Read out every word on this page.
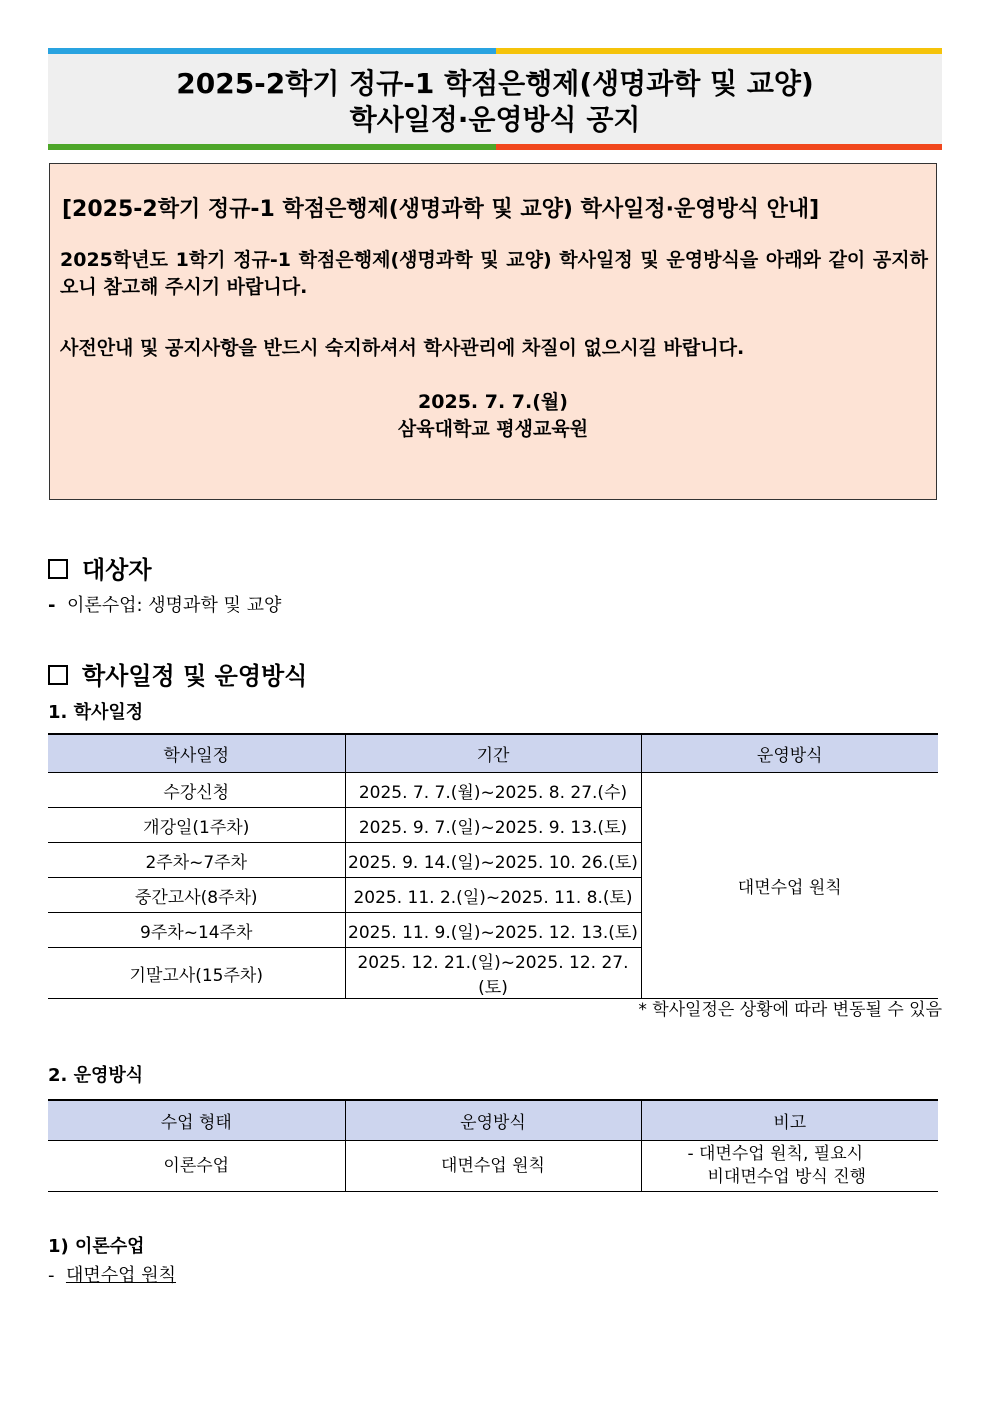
2025-2학기 정규-1 학점은행제(생명과학 및 교양)
학사일정·운영방식 공지
[2025-2학기 정규-1 학점은행제(생명과학 및 교양) 학사일정·운영방식 안내]
2025학년도 1학기 정규-1 학점은행제(생명과학 및 교양) 학사일정 및 운영방식을 아래와 같이 공지하오니 참고해 주시기 바랍니다.
사전안내 및 공지사항을 반드시 숙지하셔서 학사관리에 차질이 없으시길 바랍니다.
2025. 7. 7.(월)
삼육대학교 평생교육원
대상자
- 이론수업: 생명과학 및 교양
학사일정 및 운영방식
1. 학사일정
학사일정	기간	운영방식
수강신청	2025. 7. 7.(월)~2025. 8. 27.(수)	대면수업 원칙
개강일(1주차)	2025. 9. 7.(일)~2025. 9. 13.(토)	
2주차~7주차	2025. 9. 14.(일)~2025. 10. 26.(토)	
중간고사(8주차)	2025. 11. 2.(일)~2025. 11. 8.(토)	
9주차~14주차	2025. 11. 9.(일)~2025. 12. 13.(토)	
기말고사(15주차)	2025. 12. 21.(일)~2025. 12. 27.(토)	
* 학사일정은 상황에 따라 변동될 수 있음
2. 운영방식
수업 형태	운영방식	비고
이론수업	대면수업 원칙	- 대면수업 원칙, 필요시
비대면수업 방식 진행
1) 이론수업
- 대면수업 원칙
